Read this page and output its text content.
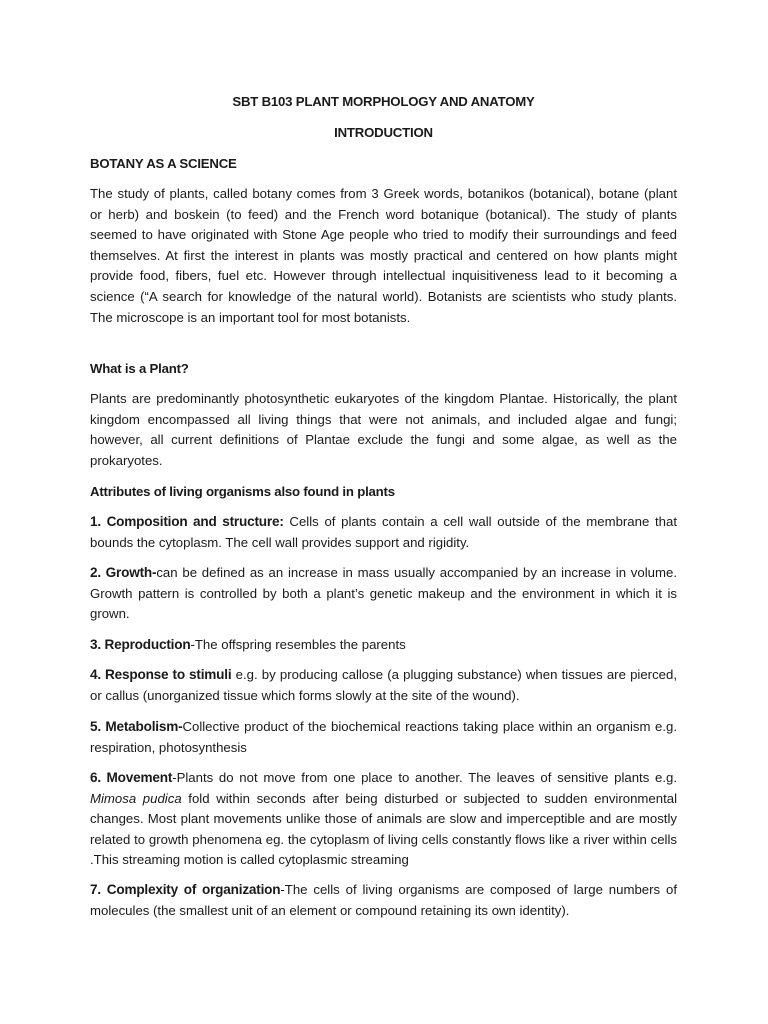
SBT B103 PLANT MORPHOLOGY AND ANATOMY

INTRODUCTION

BOTANY AS A SCIENCE

The study of plants, called botany comes from 3 Greek words, botanikos (botanical), botane (plant or herb) and boskein (to feed) and the French word botanique (botanical). The study of plants seemed to have originated with Stone Age people who tried to modify their surroundings and feed themselves. At first the interest in plants was mostly practical and centered on how plants might provide food, fibers, fuel etc. However through intellectual inquisitiveness lead to it becoming a science (“A search for knowledge of the natural world). Botanists are scientists who study plants. The microscope is an important tool for most botanists.

What is a Plant?

Plants are predominantly photosynthetic eukaryotes of the kingdom Plantae. Historically, the plant kingdom encompassed all living things that were not animals, and included algae and fungi; however, all current definitions of Plantae exclude the fungi and some algae, as well as the prokaryotes.

Attributes of living organisms also found in plants

1. Composition and structure: Cells of plants contain a cell wall outside of the membrane that bounds the cytoplasm. The cell wall provides support and rigidity.

2. Growth-can be defined as an increase in mass usually accompanied by an increase in volume. Growth pattern is controlled by both a plant’s genetic makeup and the environment in which it is grown.

3. Reproduction-The offspring resembles the parents

4. Response to stimuli e.g. by producing callose (a plugging substance) when tissues are pierced, or callus (unorganized tissue which forms slowly at the site of the wound).

5. Metabolism-Collective product of the biochemical reactions taking place within an organism e.g. respiration, photosynthesis

6. Movement-Plants do not move from one place to another. The leaves of sensitive plants e.g. Mimosa pudica fold within seconds after being disturbed or subjected to sudden environmental changes. Most plant movements unlike those of animals are slow and imperceptible and are mostly related to growth phenomena eg. the cytoplasm of living cells constantly flows like a river within cells .This streaming motion is called cytoplasmic streaming

7. Complexity of organization-The cells of living organisms are composed of large numbers of molecules (the smallest unit of an element or compound retaining its own identity).
